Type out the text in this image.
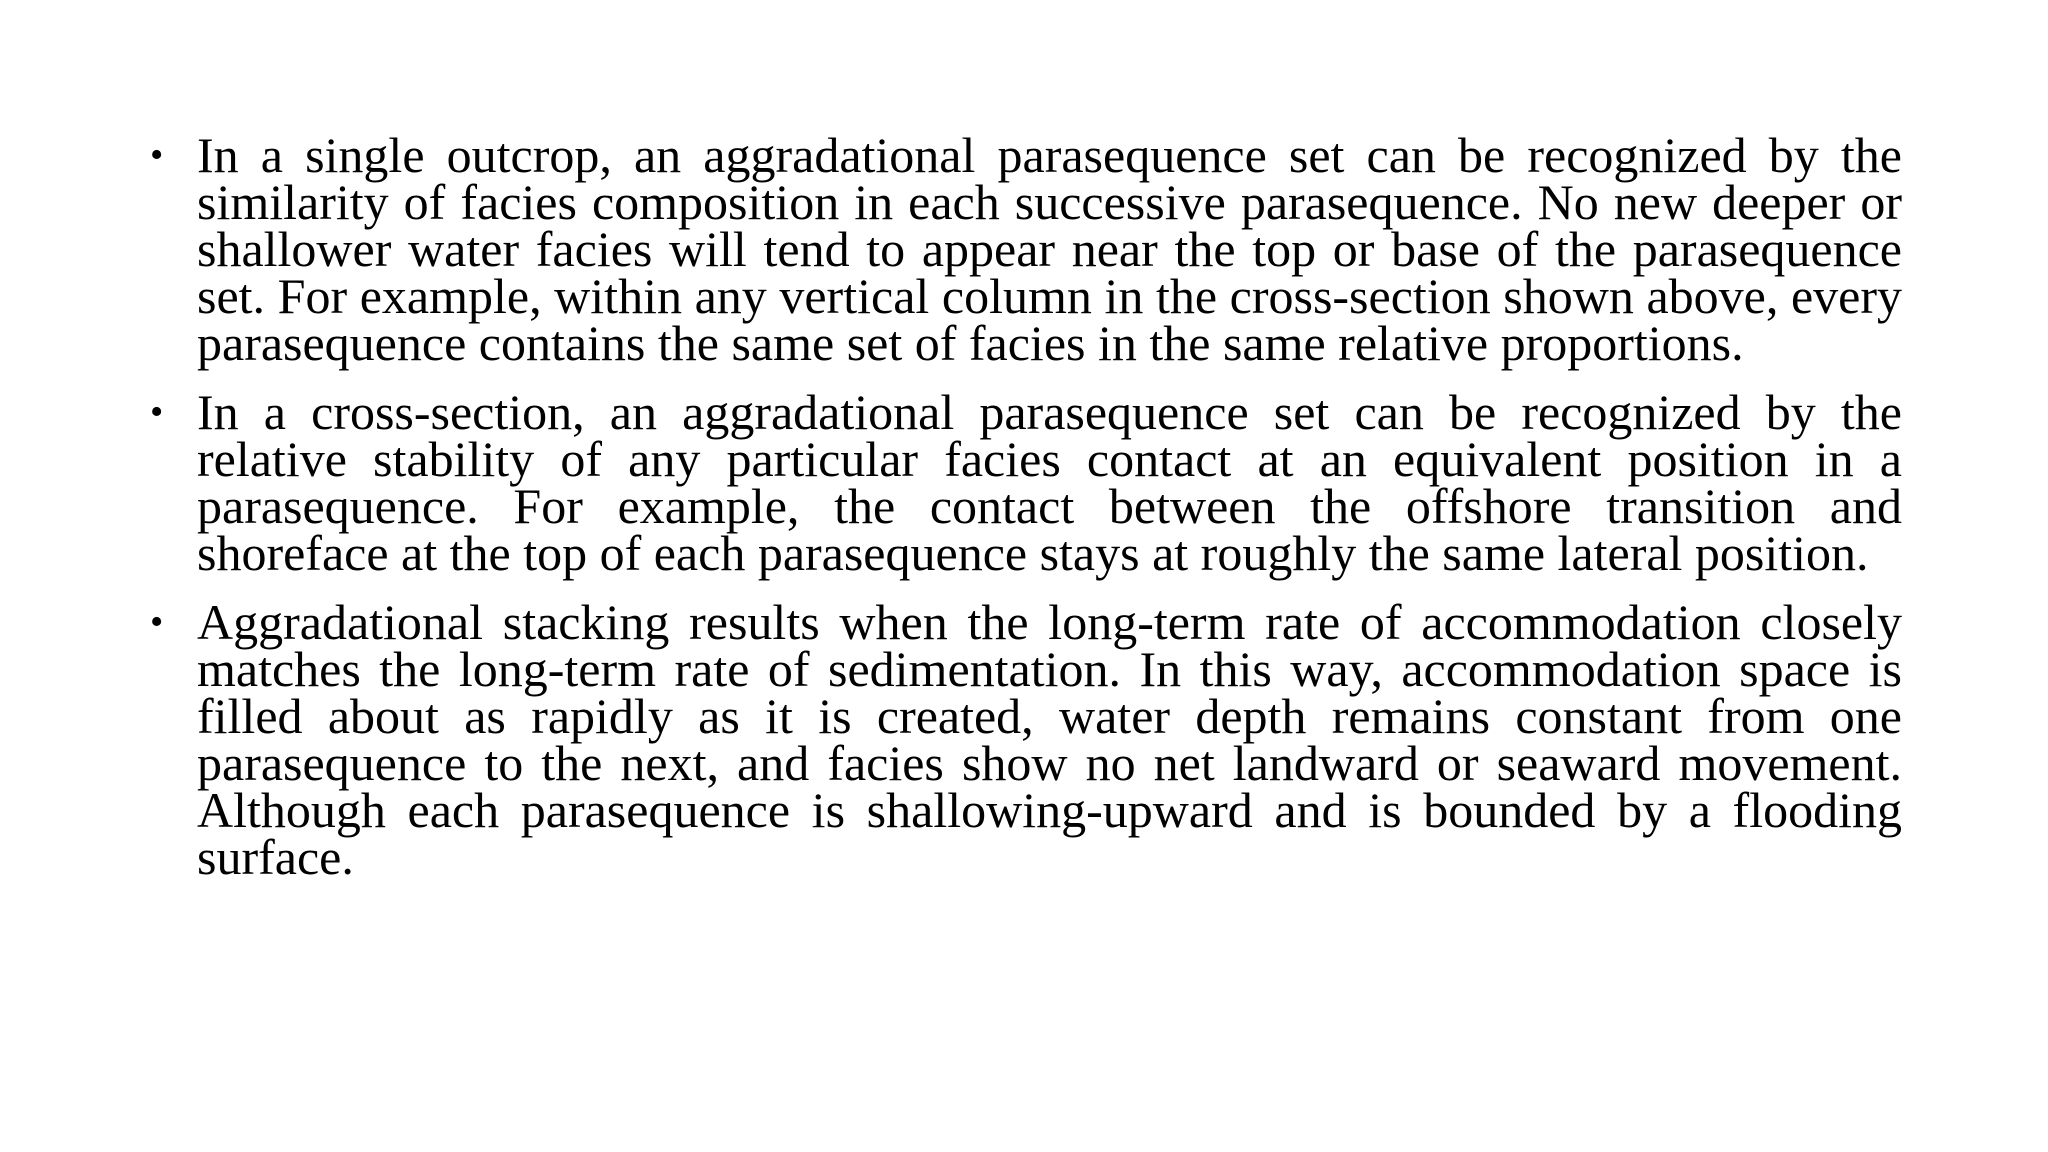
• In a single outcrop, an aggradational parasequence set can be recognized by the similarity of facies composition in each successive parasequence. No new deeper or shallower water facies will tend to appear near the top or base of the parasequence set. For example, within any vertical column in the cross-section shown above, every parasequence contains the same set of facies in the same relative proportions.
• In a cross-section, an aggradational parasequence set can be recognized by the relative stability of any particular facies contact at an equivalent position in a parasequence. For example, the contact between the offshore transition and shoreface at the top of each parasequence stays at roughly the same lateral position.
• Aggradational stacking results when the long-term rate of accommodation closely matches the long-term rate of sedimentation. In this way, accommodation space is filled about as rapidly as it is created, water depth remains constant from one parasequence to the next, and facies show no net landward or seaward movement. Although each parasequence is shallowing-upward and is bounded by a flooding surface.
